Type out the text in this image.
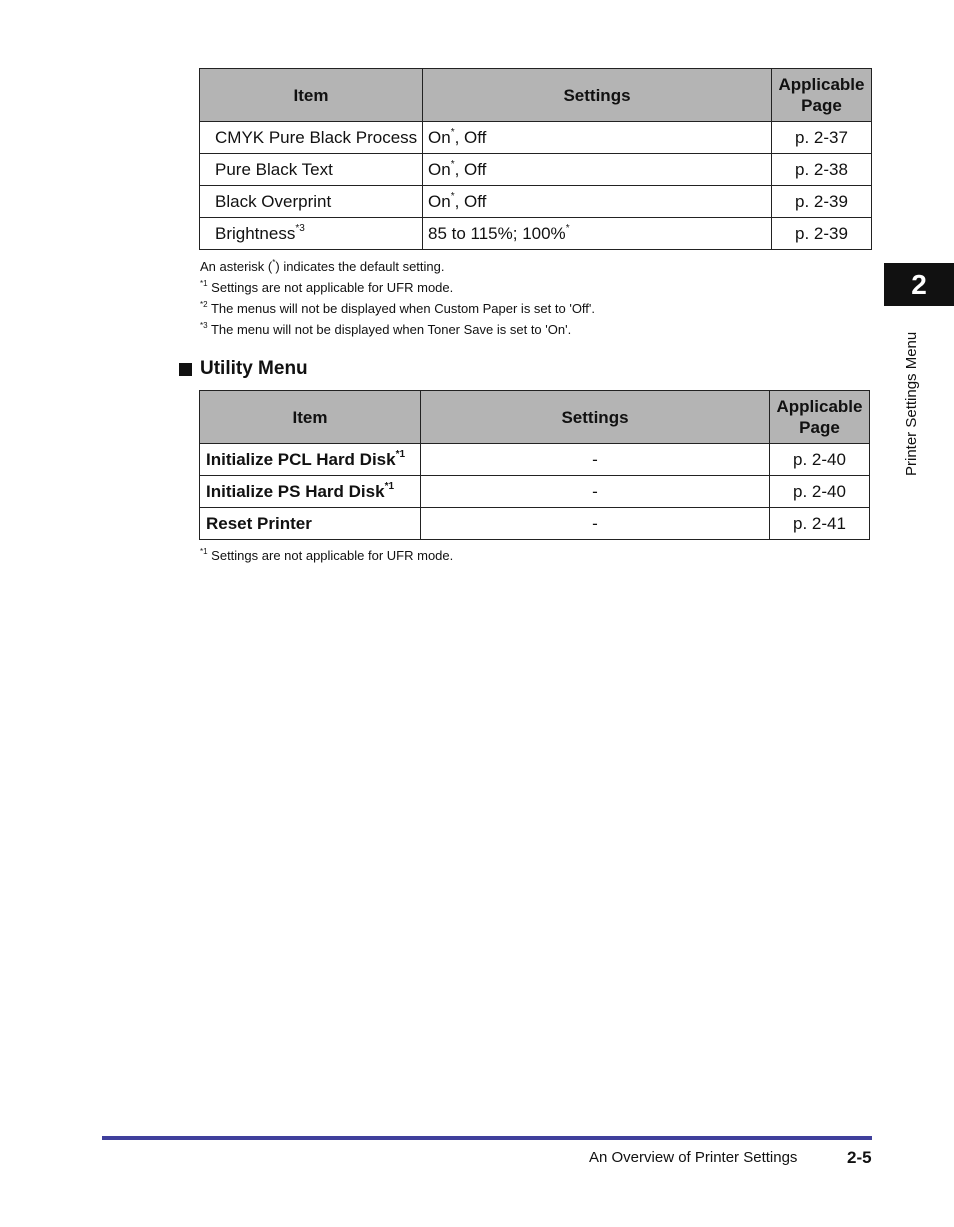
Item	Settings	Applicable
Page
CMYK Pure Black Process	On*, Off	p. 2-37
Pure Black Text	On*, Off	p. 2-38
Black Overprint	On*, Off	p. 2-39
Brightness$^{*3}$	85 to 115%; 100%*	p. 2-39
An asterisk (*) indicates the default setting.
$^{*1}$ Settings are not applicable for UFR mode.
$^{*2}$ The menus will not be displayed when Custom Paper is set to 'Off'.
$^{*3}$ The menu will not be displayed when Toner Save is set to 'On'.
Utility Menu
Item	Settings	Applicable
Page
Initialize PCL Hard Disk$^{*1}$	-	p. 2-40
Initialize PS Hard Disk$^{*1}$	-	p. 2-40
Reset Printer	-	p. 2-41
$^{*1}$ Settings are not applicable for UFR mode.
2
Printer Settings Menu
An Overview of Printer Settings	2-5
